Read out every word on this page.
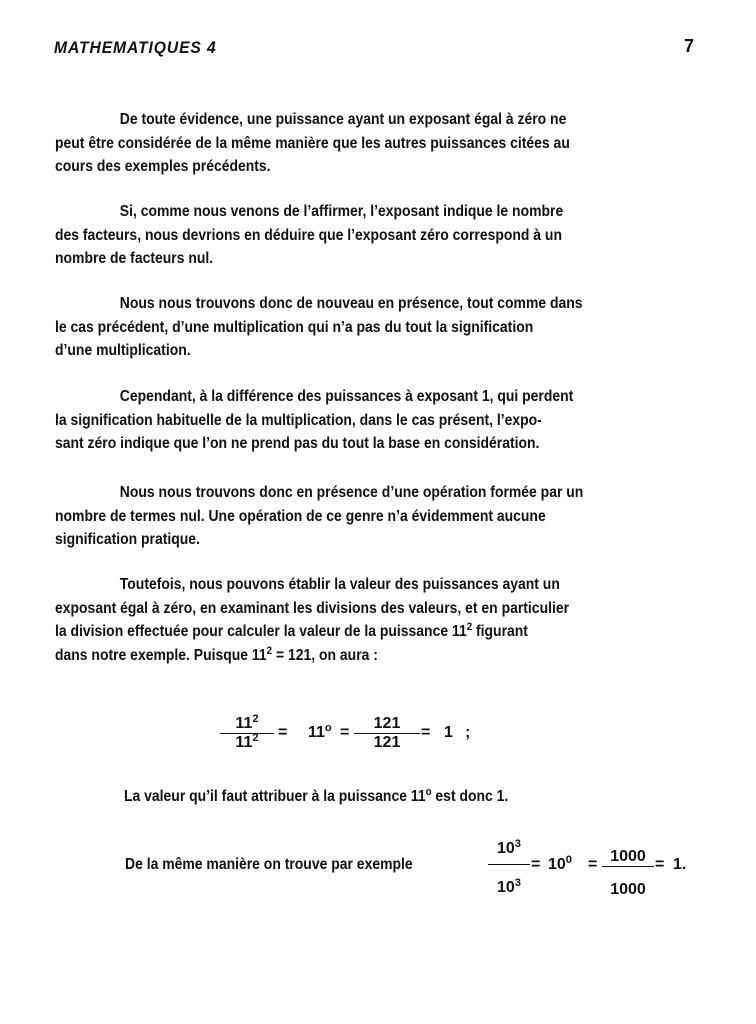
MATHEMATIQUES 4	7
De toute évidence, une puissance ayant un exposant égal à zéro ne
peut être considérée de la même manière que les autres puissances citées au
cours des exemples précédents.
Si, comme nous venons de l’affirmer, l’exposant indique le nombre
des facteurs, nous devrions en déduire que l’exposant zéro correspond à un
nombre de facteurs nul.
Nous nous trouvons donc de nouveau en présence, tout comme dans
le cas précédent, d’une multiplication qui n’a pas du tout la signification
d’une multiplication.
Cependant, à la différence des puissances à exposant 1, qui perdent
la signification habituelle de la multiplication, dans le cas présent, l’expo-
sant zéro indique que l’on ne prend pas du tout la base en considération.
Nous nous trouvons donc en présence d’une opération formée par un
nombre de termes nul. Une opération de ce genre n’a évidemment aucune
signification pratique.
Toutefois, nous pouvons établir la valeur des puissances ayant un
exposant égal à zéro, en examinant les divisions des valeurs, et en particulier
la division effectuée pour calculer la valeur de la puissance $11^2$ figurant
dans notre exemple. Puisque $11^2 = 121$, on aura :
$\frac{11^2}{11^2} = 11^o = \frac{121}{121} = 1$ ;
La valeur qu’il faut attribuer à la puissance 11$^o$ est donc 1.
De la même manière on trouve par exemple	$\frac{10^3}{10^3} = 10^0 = \frac{1000}{1000} = 1$.
